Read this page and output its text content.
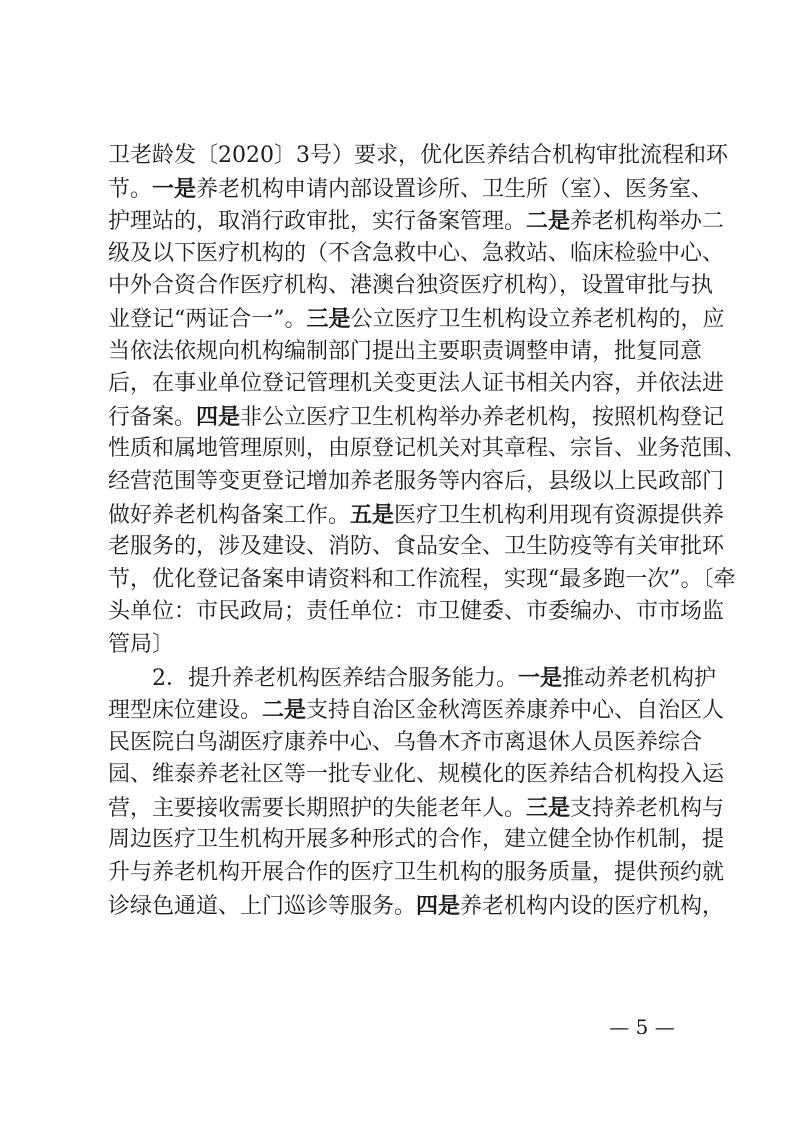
卫老龄发〔2020〕3号）要求，优化医养结合机构审批流程和环
节。一是养老机构申请内部设置诊所、卫生所（室）、医务室、
护理站的，取消行政审批，实行备案管理。二是养老机构举办二
级及以下医疗机构的（不含急救中心、急救站、临床检验中心、
中外合资合作医疗机构、港澳台独资医疗机构），设置审批与执
业登记“两证合一”。三是公立医疗卫生机构设立养老机构的，应
当依法依规向机构编制部门提出主要职责调整申请，批复同意
后，在事业单位登记管理机关变更法人证书相关内容，并依法进
行备案。四是非公立医疗卫生机构举办养老机构，按照机构登记
性质和属地管理原则，由原登记机关对其章程、宗旨、业务范围、
经营范围等变更登记增加养老服务等内容后，县级以上民政部门
做好养老机构备案工作。五是医疗卫生机构利用现有资源提供养
老服务的，涉及建设、消防、食品安全、卫生防疫等有关审批环
节，优化登记备案申请资料和工作流程，实现“最多跑一次”。〔牵
头单位：市民政局；责任单位：市卫健委、市委编办、市市场监
管局〕
2．提升养老机构医养结合服务能力。一是推动养老机构护
理型床位建设。二是支持自治区金秋湾医养康养中心、自治区人
民医院白鸟湖医疗康养中心、乌鲁木齐市离退休人员医养综合
园、维泰养老社区等一批专业化、规模化的医养结合机构投入运
营，主要接收需要长期照护的失能老年人。三是支持养老机构与
周边医疗卫生机构开展多种形式的合作，建立健全协作机制，提
升与养老机构开展合作的医疗卫生机构的服务质量，提供预约就
诊绿色通道、上门巡诊等服务。四是养老机构内设的医疗机构，
— 5 —
